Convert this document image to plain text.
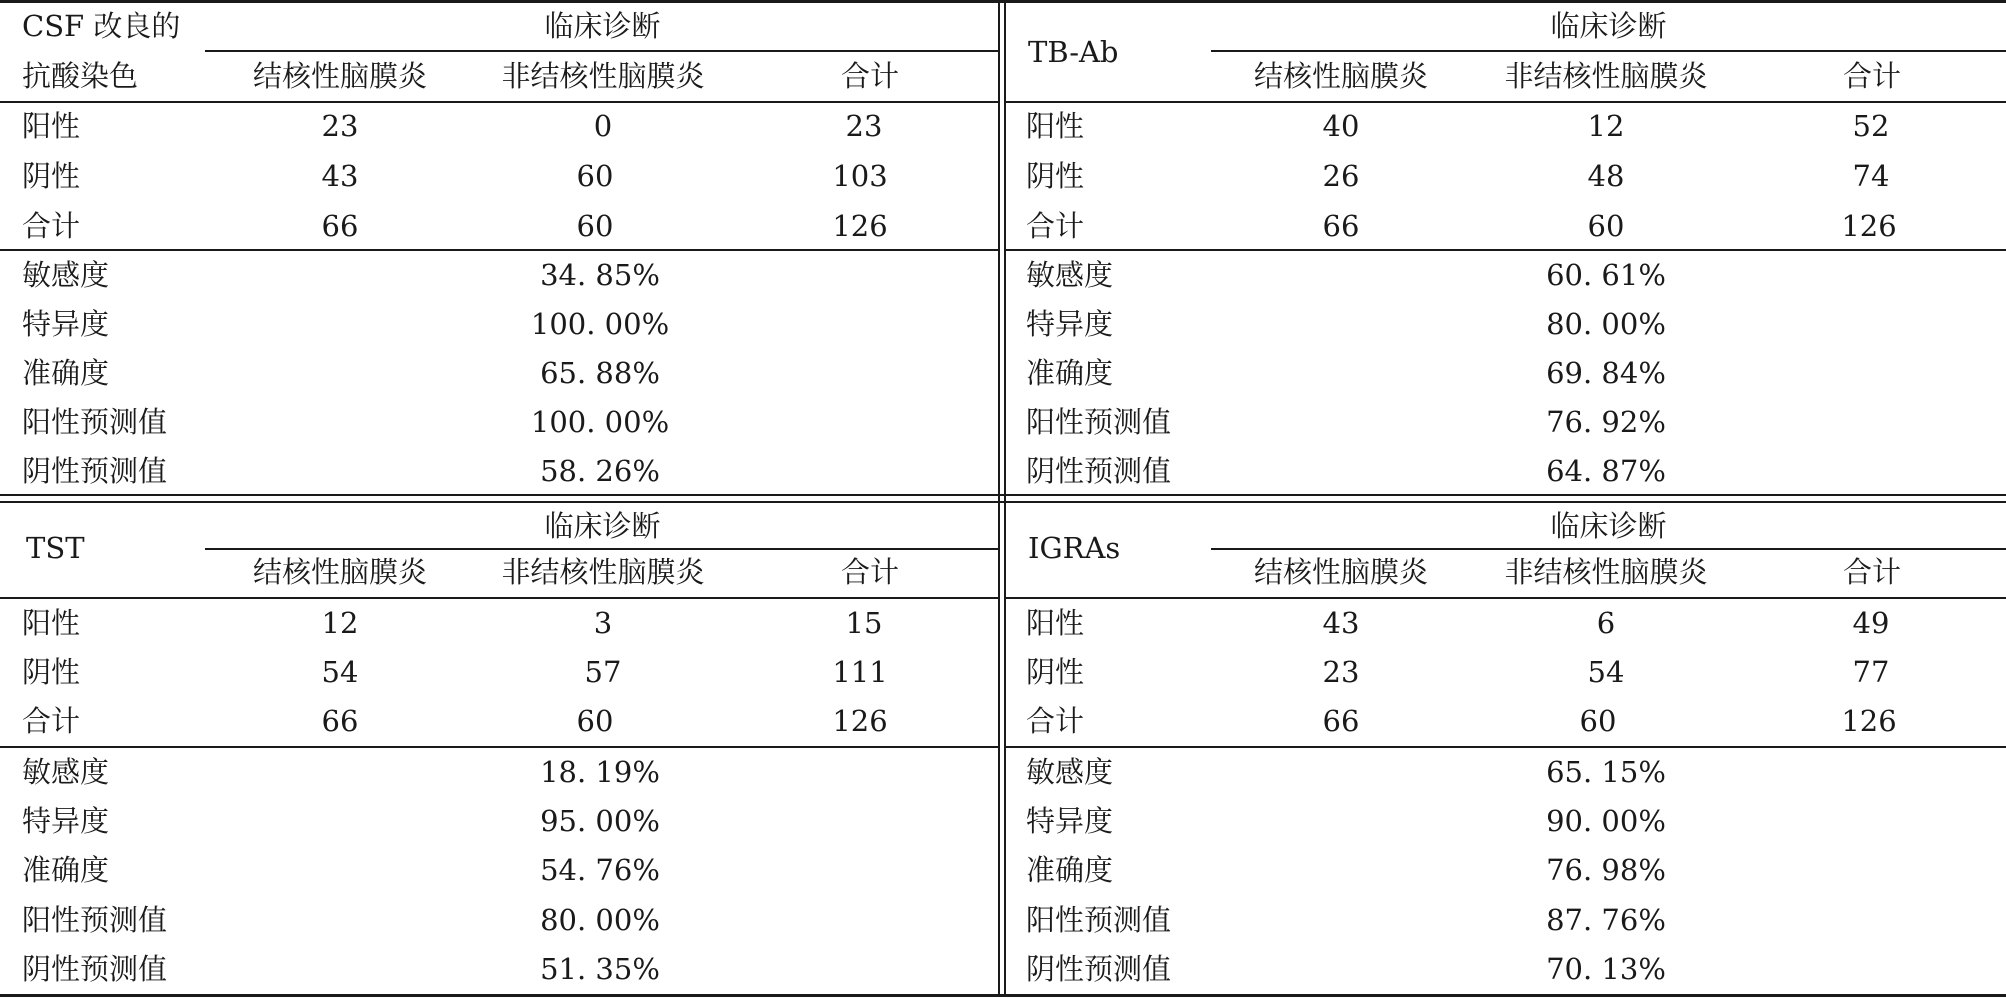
CSF 改良的
抗酸染色
临床诊断
结核性脑膜炎	非结核性脑膜炎	合计
阳性	23	0	23
阴性	43	60	103
合计	66	60	126
敏感度	34. 85%
特异度	100. 00%
准确度	65. 88%
阳性预测值	100. 00%
阴性预测值	58. 26%
TB-Ab
临床诊断
结核性脑膜炎	非结核性脑膜炎	合计
阳性	40	12	52
阴性	26	48	74
合计	66	60	126
敏感度	60. 61%
特异度	80. 00%
准确度	69. 84%
阳性预测值	76. 92%
阴性预测值	64. 87%
TST
临床诊断
结核性脑膜炎	非结核性脑膜炎	合计
阳性	12	3	15
阴性	54	57	111
合计	66	60	126
敏感度	18. 19%
特异度	95. 00%
准确度	54. 76%
阳性预测值	80. 00%
阴性预测值	51. 35%
IGRAs
临床诊断
结核性脑膜炎	非结核性脑膜炎	合计
阳性	43	6	49
阴性	23	54	77
合计	66	60	126
敏感度	65. 15%
特异度	90. 00%
准确度	76. 98%
阳性预测值	87. 76%
阴性预测值	70. 13%
